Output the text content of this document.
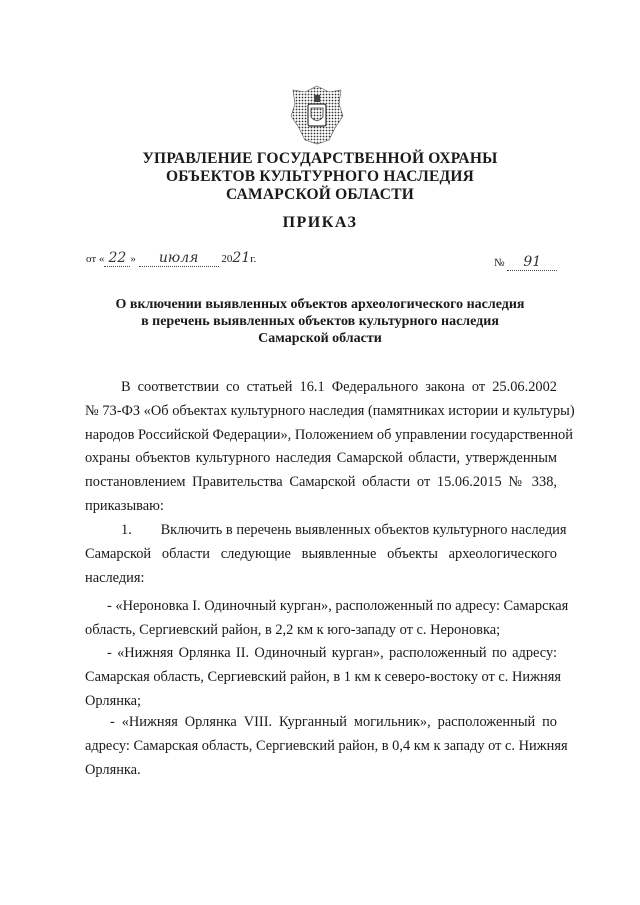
УПРАВЛЕНИЕ ГОСУДАРСТВЕННОЙ ОХРАНЫ
ОБЪЕКТОВ КУЛЬТУРНОГО НАСЛЕДИЯ
САМАРСКОЙ ОБЛАСТИ
ПРИКАЗ
от « 22 » июля 2021г.	№ 91
О включении выявленных объектов археологического наследия
в перечень выявленных объектов культурного наследия
Самарской области
В соответствии со статьей 16.1 Федерального закона от 25.06.2002
№ 73-ФЗ «Об объектах культурного наследия (памятниках истории и культуры)
народов Российской Федерации», Положением об управлении государственной
охраны объектов культурного наследия Самарской области, утвержденным
постановлением Правительства Самарской области от 15.06.2015 № 338,
приказываю:
1.        Включить в перечень выявленных объектов культурного наследия
Самарской области следующие выявленные объекты археологического
наследия:
- «Нероновка I. Одиночный курган», расположенный по адресу: Самарская
область, Сергиевский район, в 2,2 км к юго-западу от с. Нероновка;
- «Нижняя Орлянка II. Одиночный курган», расположенный по адресу:
Самарская область, Сергиевский район, в 1 км к северо-востоку от с. Нижняя
Орлянка;
- «Нижняя Орлянка VIII. Курганный могильник», расположенный по
адресу: Самарская область, Сергиевский район, в 0,4 км к западу от с. Нижняя
Орлянка.
